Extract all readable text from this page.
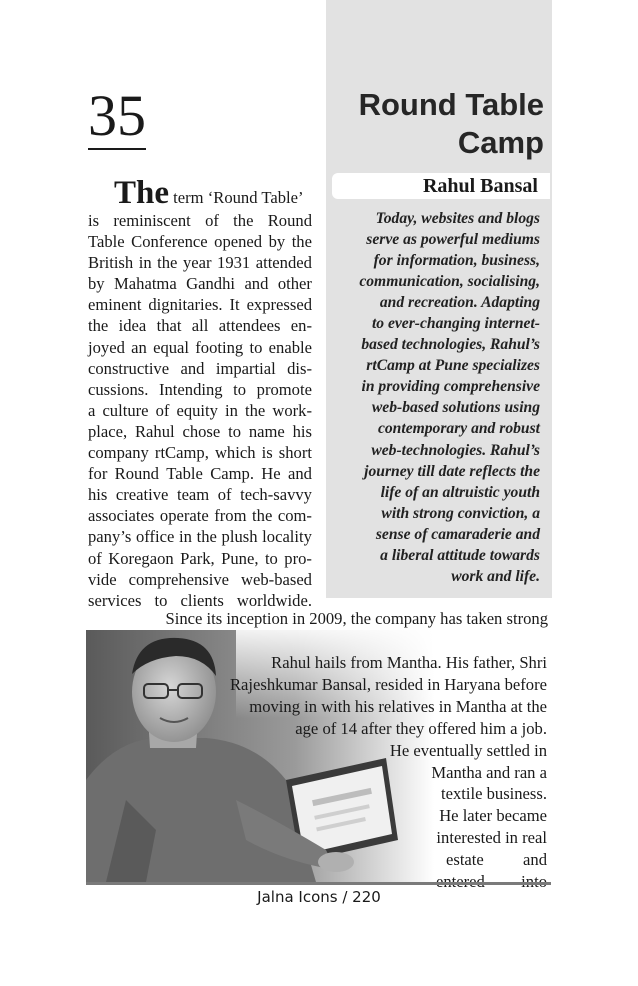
35	Round Table
Camp
Rahul Bansal
Today, websites and blogs
serve as powerful mediums
for information, business,
communication, socialising,
and recreation. Adapting
to ever-changing internet-
based technologies, Rahul’s
rtCamp at Pune specializes
in providing comprehensive
web-based solutions using
contemporary and robust
web-technologies. Rahul’s
journey till date reflects the
life of an altruistic youth
with strong conviction, a
sense of camaraderie and
a liberal attitude towards
work and life.
The term ‘Round Table’
is reminiscent of the Round
Table Conference opened by the
British in the year 1931 attended
by Mahatma Gandhi and other
eminent dignitaries. It expressed
the idea that all attendees en-
joyed an equal footing to enable
constructive and impartial dis-
cussions. Intending to promote
a culture of equity in the work-
place, Rahul chose to name his
company rtCamp, which is short
for Round Table Camp. He and
his creative team of tech-savvy
associates operate from the com-
pany’s office in the plush locality
of Koregaon Park, Pune, to pro-
vide comprehensive web-based
services to clients worldwide.
Since its inception in 2009, the company has taken strong
Rahul hails from Mantha. His father, Shri
Rajeshkumar Bansal, resided in Haryana before
moving in with his relatives in Mantha at the
age of 14 after they offered him a job.
He eventually settled in
Mantha and ran a
textile business.
He later became
interested in real
estate and
Jalna Icons / 220
